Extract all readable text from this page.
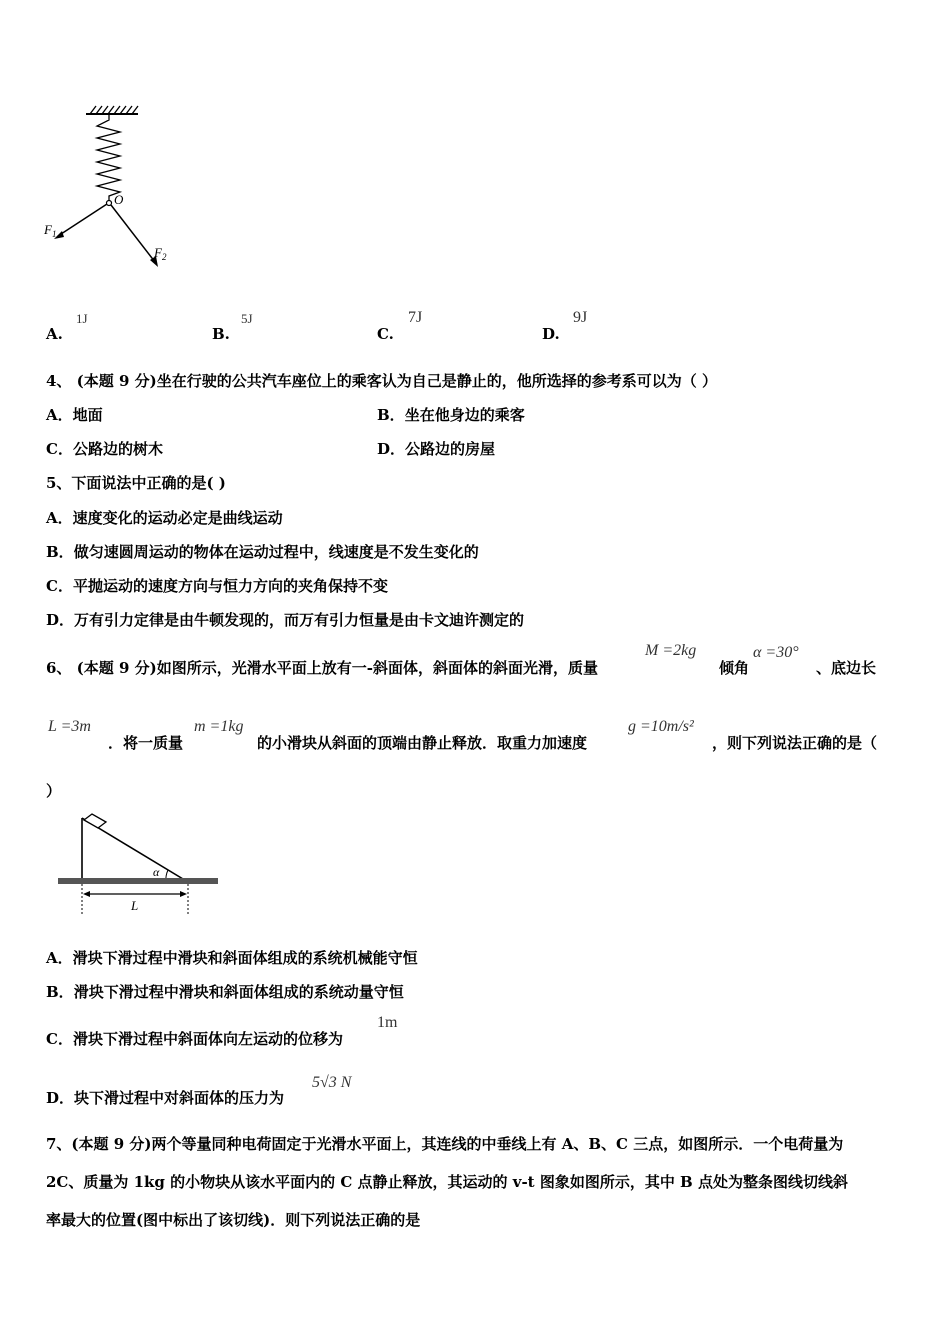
O
$F_1$
$F_2$
A.
1J
B.
5J
C.
7J
D.
9J
4、 (本题 9 分)坐在行驶的公共汽车座位上的乘客认为自己是静止的，他所选择的参考系可以为（ ）
A．地面	B．坐在他身边的乘客
C．公路边的树木	D．公路边的房屋
5、下面说法中正确的是( )
A．速度变化的运动必定是曲线运动
B．做匀速圆周运动的物体在运动过程中，线速度是不发生变化的
C．平抛运动的速度方向与恒力方向的夹角保持不变
D．万有引力定律是由牛顿发现的，而万有引力恒量是由卡文迪许测定的
6、 (本题 9 分)如图所示，光滑水平面上放有一-斜面体，斜面体的斜面光滑，质量
M =2kg
倾角
α =30°
、底边长
L =3m
．将一质量
m =1kg
的小滑块从斜面的顶端由静止释放．取重力加速度
g =10m/s²
，则下列说法正确的是（
）
α
L
A．滑块下滑过程中滑块和斜面体组成的系统机械能守恒
B．滑块下滑过程中滑块和斜面体组成的系统动量守恒
C．滑块下滑过程中斜面体向左运动的位移为
1m
D．块下滑过程中对斜面体的压力为
5√3 N
7、(本题 9 分)两个等量同种电荷固定于光滑水平面上，其连线的中垂线上有 A、B、C 三点，如图所示．一个电荷量为
2C、质量为 1kg 的小物块从该水平面内的 C 点静止释放，其运动的 v-t 图象如图所示，其中 B 点处为整条图线切线斜
率最大的位置(图中标出了该切线)．则下列说法正确的是
